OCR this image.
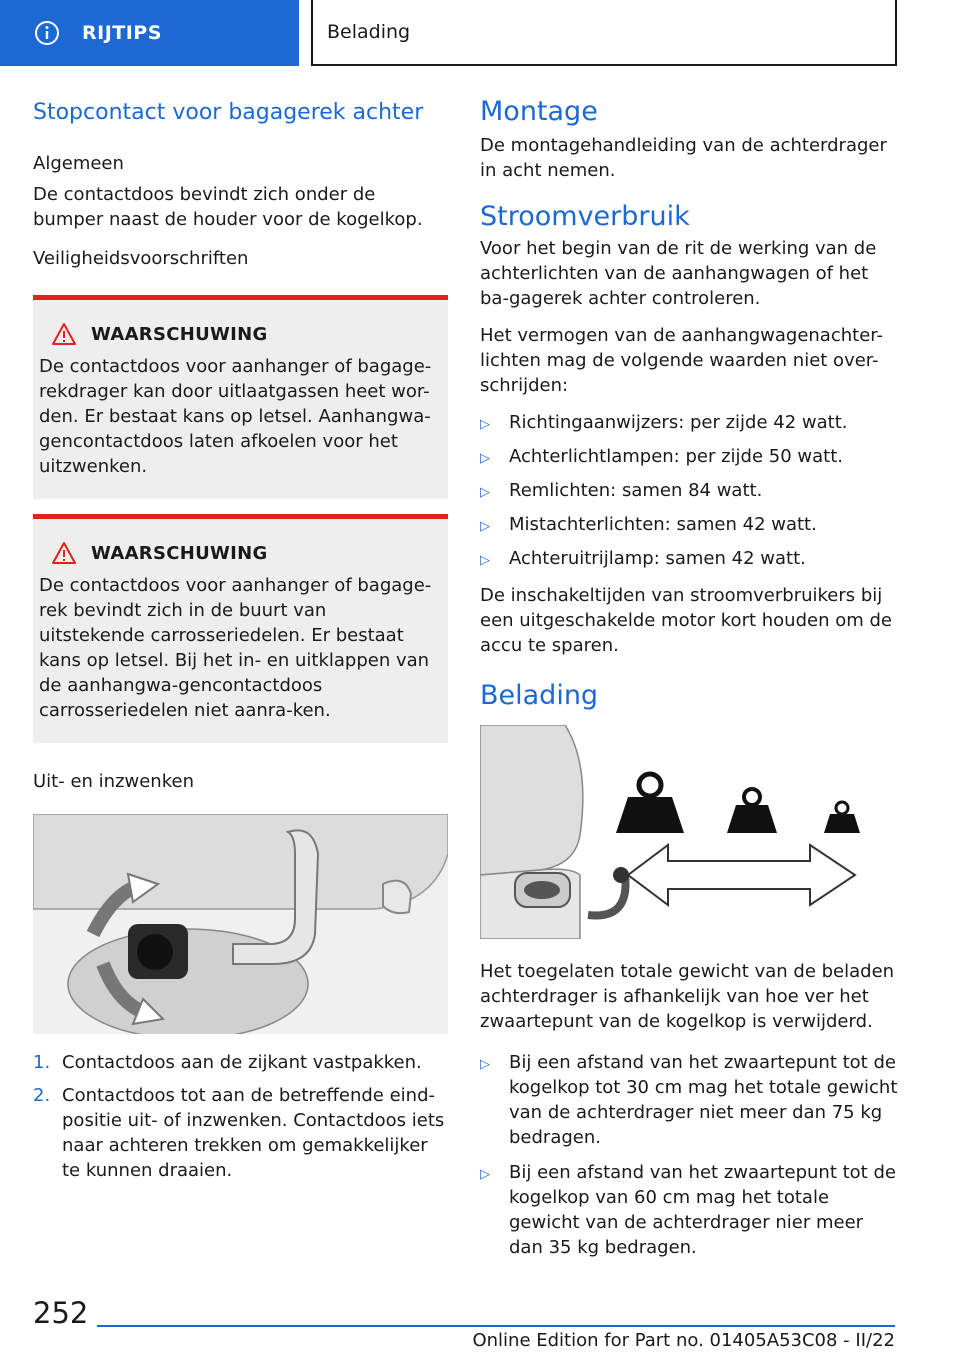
RIJTIPS	Belading
Stopcontact voor bagagerek achter

Algemeen

De contactdoos bevindt zich onder de bumper naast de houder voor de kogelkop.

Veiligheidsvoorschriften

WAARSCHUWING

De contactdoos voor aanhanger of bagage-rekdrager kan door uitlaatgassen heet wor-den. Er bestaat kans op letsel. Aanhangwa-gencontactdoos laten afkoelen voor het uitzwenken.

WAARSCHUWING

De contactdoos voor aanhanger of bagage-rek bevindt zich in de buurt van uitstekende carrosseriedelen. Er bestaat kans op letsel. Bij het in- en uitklappen van de aanhangwa-gencontactdoos carrosseriedelen niet aanra-ken.

Uit- en inzwenken

1. Contactdoos aan de zijkant vastpakken.
2. Contactdoos tot aan de betreffende eind-positie uit- of inzwenken. Contactdoos iets naar achteren trekken om gemakkelijker te kunnen draaien.
Montage

De montagehandleiding van de achterdrager in acht nemen.

Stroomverbruik

Voor het begin van de rit de werking van de achterlichten van de aanhangwagen of het ba-gagerek achter controleren.

Het vermogen van de aanhangwagenachter-lichten mag de volgende waarden niet over-schrijden:

▷	Richtingaanwijzers: per zijde 42 watt.
▷	Achterlichtlampen: per zijde 50 watt.
▷	Remlichten: samen 84 watt.
▷	Mistachterlichten: samen 42 watt.
▷	Achteruitrijlamp: samen 42 watt.

De inschakeltijden van stroomverbruikers bij een uitgeschakelde motor kort houden om de accu te sparen.

Belading

Het toegelaten totale gewicht van de beladen achterdrager is afhankelijk van hoe ver het zwaartepunt van de kogelkop is verwijderd.

▷	Bij een afstand van het zwaartepunt tot de kogelkop tot 30 cm mag het totale gewicht van de achterdrager niet meer dan 75 kg bedragen.
▷	Bij een afstand van het zwaartepunt tot de kogelkop van 60 cm mag het totale gewicht van de achterdrager nier meer dan 35 kg bedragen.
252
Online Edition for Part no. 01405A53C08 - II/22
